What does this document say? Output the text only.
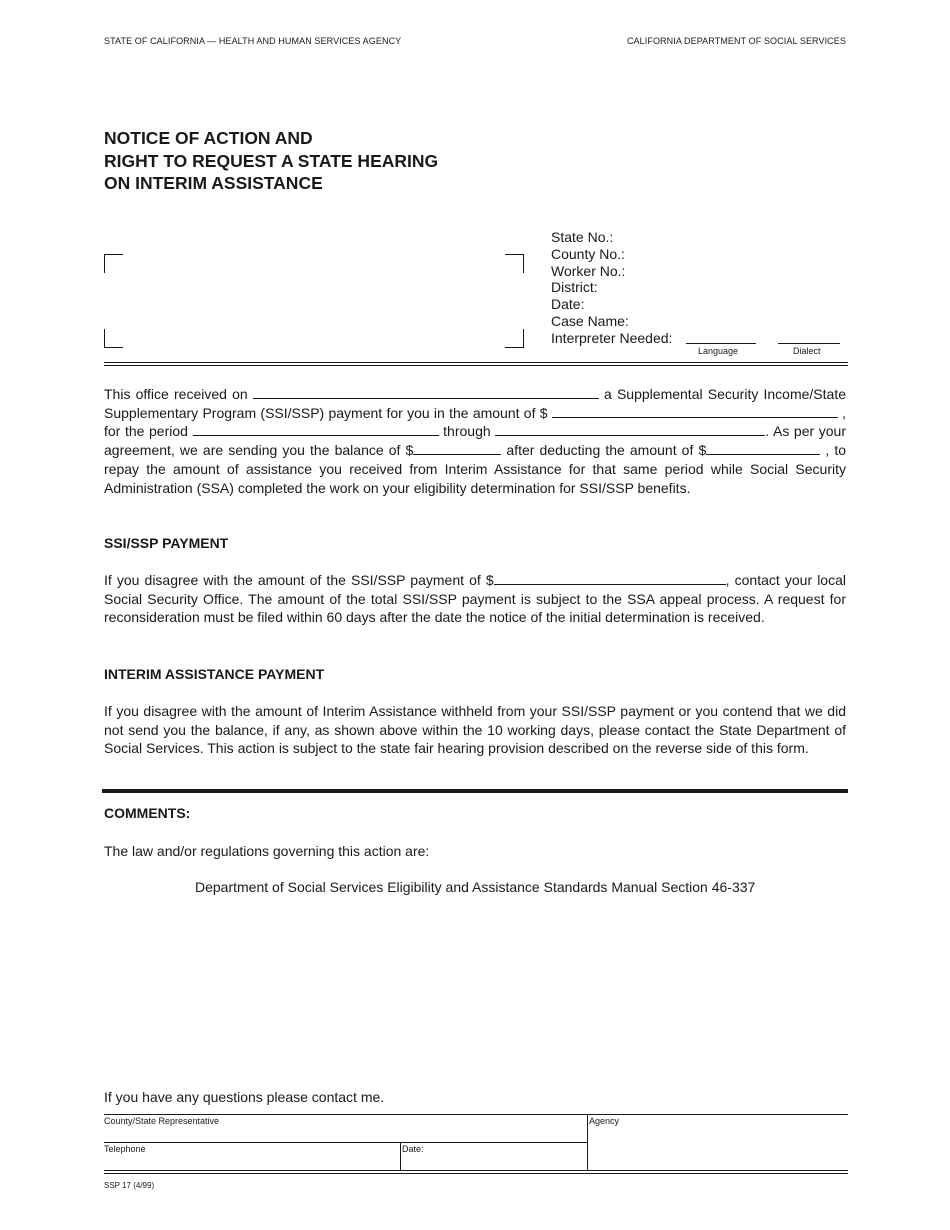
STATE OF CALIFORNIA — HEALTH AND HUMAN SERVICES AGENCY	CALIFORNIA DEPARTMENT OF SOCIAL SERVICES
NOTICE OF ACTION AND
RIGHT TO REQUEST A STATE HEARING
ON INTERIM ASSISTANCE
State No.:
County No.:
Worker No.:
District:
Date:
Case Name:
Interpreter Needed:
Language	Dialect
This office received on	a Supplemental Security Income/State Supplementary Program (SSI/SSP) payment for you in the amount of $	, for the period	through	. As per your agreement, we are sending you the balance of $	after deducting the amount of $	, to repay the amount of assistance you received from Interim Assistance for that same period while Social Security Administration (SSA) completed the work on your eligibility determination for SSI/SSP benefits.
SSI/SSP PAYMENT
If you disagree with the amount of the SSI/SSP payment of $	, contact your local Social Security Office. The amount of the total SSI/SSP payment is subject to the SSA appeal process. A request for reconsideration must be filed within 60 days after the date the notice of the initial determination is received.
INTERIM ASSISTANCE PAYMENT
If you disagree with the amount of Interim Assistance withheld from your SSI/SSP payment or you contend that we did not send you the balance, if any, as shown above within the 10 working days, please contact the State Department of Social Services. This action is subject to the state fair hearing provision described on the reverse side of this form.
COMMENTS:
The law and/or regulations governing this action are:
Department of Social Services Eligibility and Assistance Standards Manual Section 46-337
If you have any questions please contact me.
County/State Representative	Agency
Telephone	Date:
SSP 17 (4/99)
